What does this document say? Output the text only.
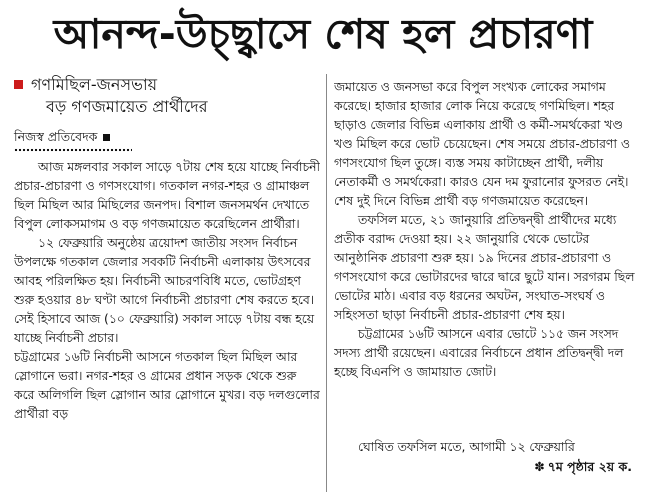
আনন্দ-উচ্ছ্বাসে শেষ হল প্রচারণা
গণমিছিল-জনসভায়
বড় গণজমায়েত প্রার্থীদের
নিজস্ব প্রতিবেদক

আজ মঙ্গলবার সকাল সাড়ে ৭টায় শেষ হয়ে যাচ্ছে নির্বাচনী প্রচার-প্রচারণা ও গণসংযোগ। গতকাল নগর-শহর ও গ্রামাঞ্চল ছিল মিছিল আর মিছিলের জনপদ। বিশাল জনসমর্থন দেখাতে বিপুল লোকসমাগম ও বড় গণজমায়েত করেছিলেন প্রার্থীরা।

১২ ফেব্রুয়ারি অনুষ্ঠেয় ত্রয়োদশ জাতীয় সংসদ নির্বাচন উপলক্ষে গতকাল জেলার সবকটি নির্বাচনী এলাকায় উৎসবের আবহ পরিলক্ষিত হয়। নির্বাচনী আচরণবিধি মতে, ভোটগ্রহণ শুরু হওয়ার ৪৮ ঘণ্টা আগে নির্বাচনী প্রচারণা শেষ করতে হবে। সেই হিসাবে আজ (১০ ফেব্রুয়ারি) সকাল সাড়ে ৭টায় বন্ধ হয়ে যাচ্ছে নির্বাচনী প্রচার।

চট্টগ্রামের ১৬টি নির্বাচনী আসনে গতকাল ছিল মিছিল আর স্লোগানে ভরা। নগর-শহর ও গ্রামের প্রধান সড়ক থেকে শুরু করে অলিগলি ছিল স্লোগান আর স্লোগানে মুখর। বড় দলগুলোর প্রার্থীরা বড়

জমায়েত ও জনসভা করে বিপুল সংখ্যক লোকের সমাগম করেছে। হাজার হাজার লোক নিয়ে করেছে গণমিছিল। শহর ছাড়াও জেলার বিভিন্ন এলাকায় প্রার্থী ও কর্মী-সমর্থকেরা খণ্ড খণ্ড মিছিল করে ভোট চেয়েছেন। শেষ সময়ে প্রচার-প্রচারণা ও গণসংযোগ ছিল তুঙ্গে। ব্যস্ত সময় কাটাচ্ছেন প্রার্থী, দলীয় নেতাকর্মী ও সমর্থকেরা। কারও যেন দম ফুরানোর ফুসরত নেই। শেষ দুই দিনে বিভিন্ন প্রার্থী বড় গণজমায়েত করেছেন।

তফসিল মতে, ২১ জানুয়ারি প্রতিদ্বন্দ্বী প্রার্থীদের মধ্যে প্রতীক বরাদ্দ দেওয়া হয়। ২২ জানুয়ারি থেকে ভোটের আনুষ্ঠানিক প্রচারণা শুরু হয়। ১৯ দিনের প্রচার-প্রচারণা ও গণসংযোগ করে ভোটারদের দ্বারে দ্বারে ছুটে যান। সরগরম ছিল ভোটের মাঠ। এবার বড় ধরনের অঘটন, সংঘাত-সংঘর্ষ ও সহিংসতা ছাড়া নির্বাচনী প্রচার-প্রচারণা শেষ হয়।

চট্টগ্রামের ১৬টি আসনে এবার ভোটে ১১৫ জন সংসদ সদস্য প্রার্থী রয়েছেন। এবারের নির্বাচনে প্রধান প্রতিদ্বন্দ্বী দল হচ্ছে বিএনপি ও জামায়াত জোট।

ঘোষিত তফসিল মতে, আগামী ১২ ফেব্রুয়ারি
✽ ৭ম পৃষ্ঠার ২য় ক.
